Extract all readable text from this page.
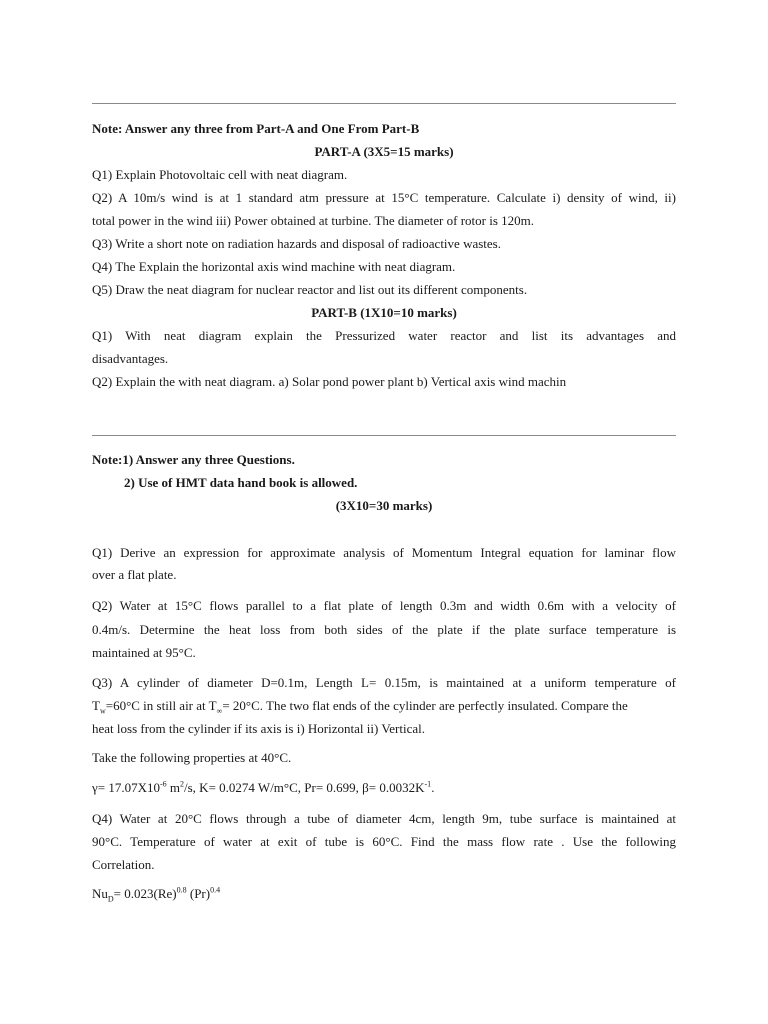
Note: Answer any three from Part-A and One From Part-B
PART-A (3X5=15 marks)
Q1) Explain Photovoltaic cell with neat diagram.
Q2) A 10m/s wind is at 1 standard atm pressure at 15°C temperature. Calculate i) density of wind, ii)
total power in the wind iii) Power obtained at turbine. The diameter of rotor is 120m.
Q3) Write a short note on radiation hazards and disposal of radioactive wastes.
Q4) The Explain the horizontal axis wind machine with neat diagram.
Q5) Draw the neat diagram for nuclear reactor and list out its different components.
PART-B (1X10=10 marks)
Q1) With neat diagram explain the Pressurized water reactor and list its advantages and
disadvantages.
Q2) Explain the with neat diagram. a) Solar pond power plant b) Vertical axis wind machin
Note:1) Answer any three Questions.
2) Use of HMT data hand book is allowed.
(3X10=30 marks)
Q1) Derive an expression for approximate analysis of Momentum Integral equation for laminar flow
over a flat plate.
Q2) Water at 15°C flows parallel to a flat plate of length 0.3m and width 0.6m with a velocity of
0.4m/s. Determine the heat loss from both sides of the plate if the plate surface temperature is
maintained at 95°C.
Q3) A cylinder of diameter D=0.1m, Length L= 0.15m, is maintained at a uniform temperature of
$T_w=60^\circ C$ in still air at $T_\infty= 20^\circ C$. The two flat ends of the cylinder are perfectly insulated. Compare the
heat loss from the cylinder if its axis is i) Horizontal ii) Vertical.
Take the following properties at 40°C.
$\gamma= 17.07X10^{-6}$ $m^2/s$, K= 0.0274 W/m°C, Pr= 0.699, $\beta= 0.0032K^{-1}$.
Q4) Water at 20°C flows through a tube of diameter 4cm, length 9m, tube surface is maintained at
90°C. Temperature of water at exit of tube is 60°C. Find the mass flow rate . Use the following
Correlation.
$Nu_D= 0.023(Re)^{0.8}$ $(Pr)^{0.4}$
